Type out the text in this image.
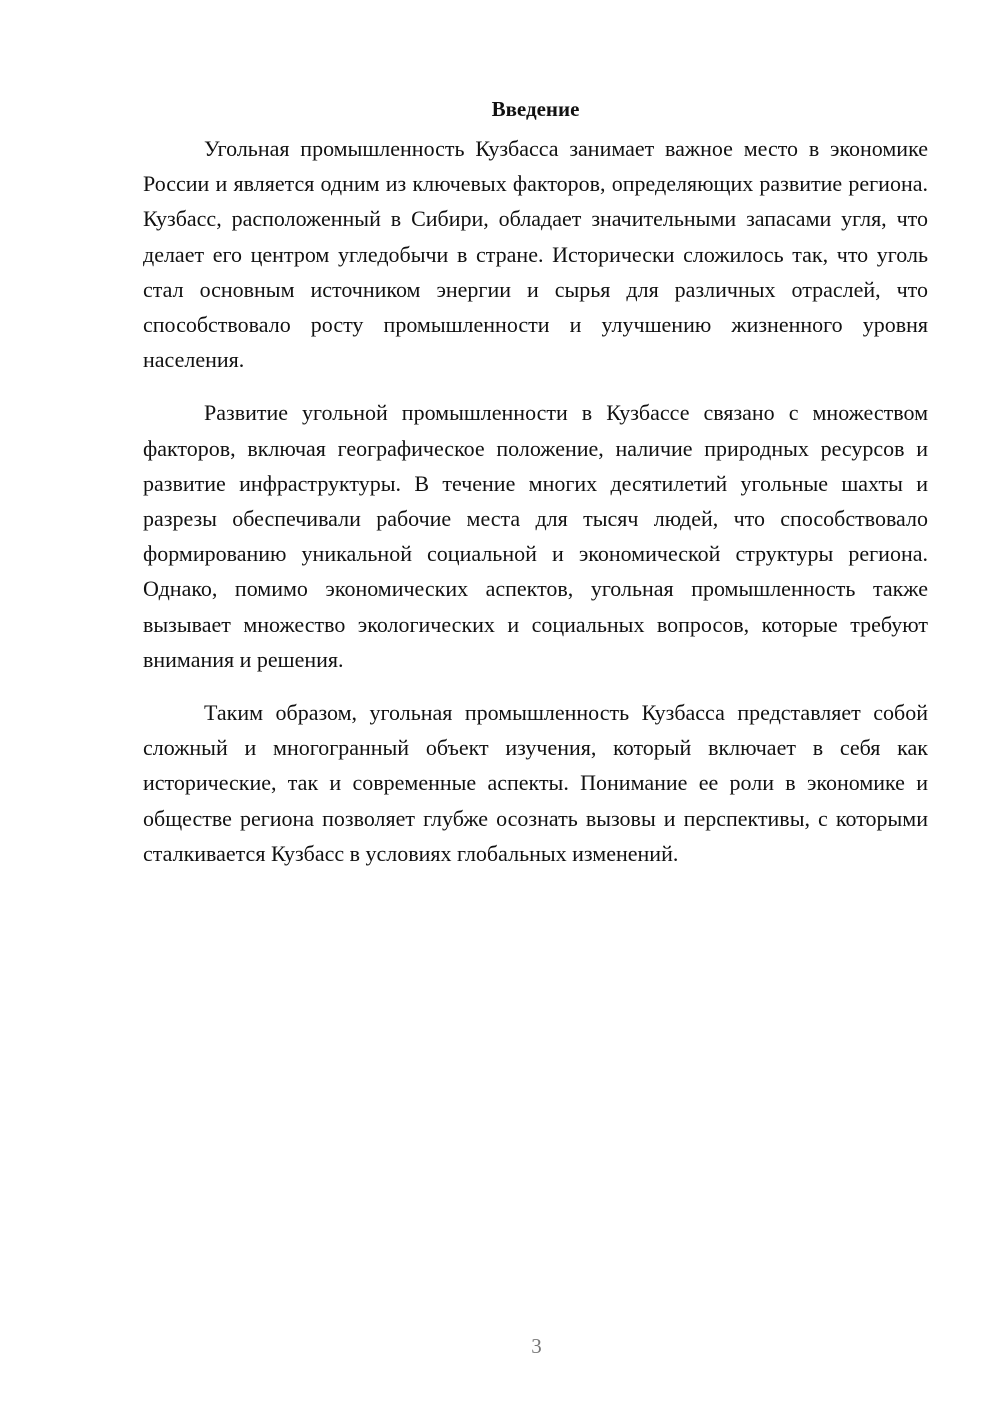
Введение

Угольная промышленность Кузбасса занимает важное место в экономике России и является одним из ключевых факторов, определяющих развитие региона. Кузбасс, расположенный в Сибири, обладает значительными запасами угля, что делает его центром угледобычи в стране. Исторически сложилось так, что уголь стал основным источником энергии и сырья для различных отраслей, что способствовало росту промышленности и улучшению жизненного уровня населения.

Развитие угольной промышленности в Кузбассе связано с множеством факторов, включая географическое положение, наличие природных ресурсов и развитие инфраструктуры. В течение многих десятилетий угольные шахты и разрезы обеспечивали рабочие места для тысяч людей, что способствовало формированию уникальной социальной и экономической структуры региона. Однако, помимо экономических аспектов, угольная промышленность также вызывает множество экологических и социальных вопросов, которые требуют внимания и решения.

Таким образом, угольная промышленность Кузбасса представляет собой сложный и многогранный объект изучения, который включает в себя как исторические, так и современные аспекты. Понимание ее роли в экономике и обществе региона позволяет глубже осознать вызовы и перспективы, с которыми сталкивается Кузбасс в условиях глобальных изменений.

3
